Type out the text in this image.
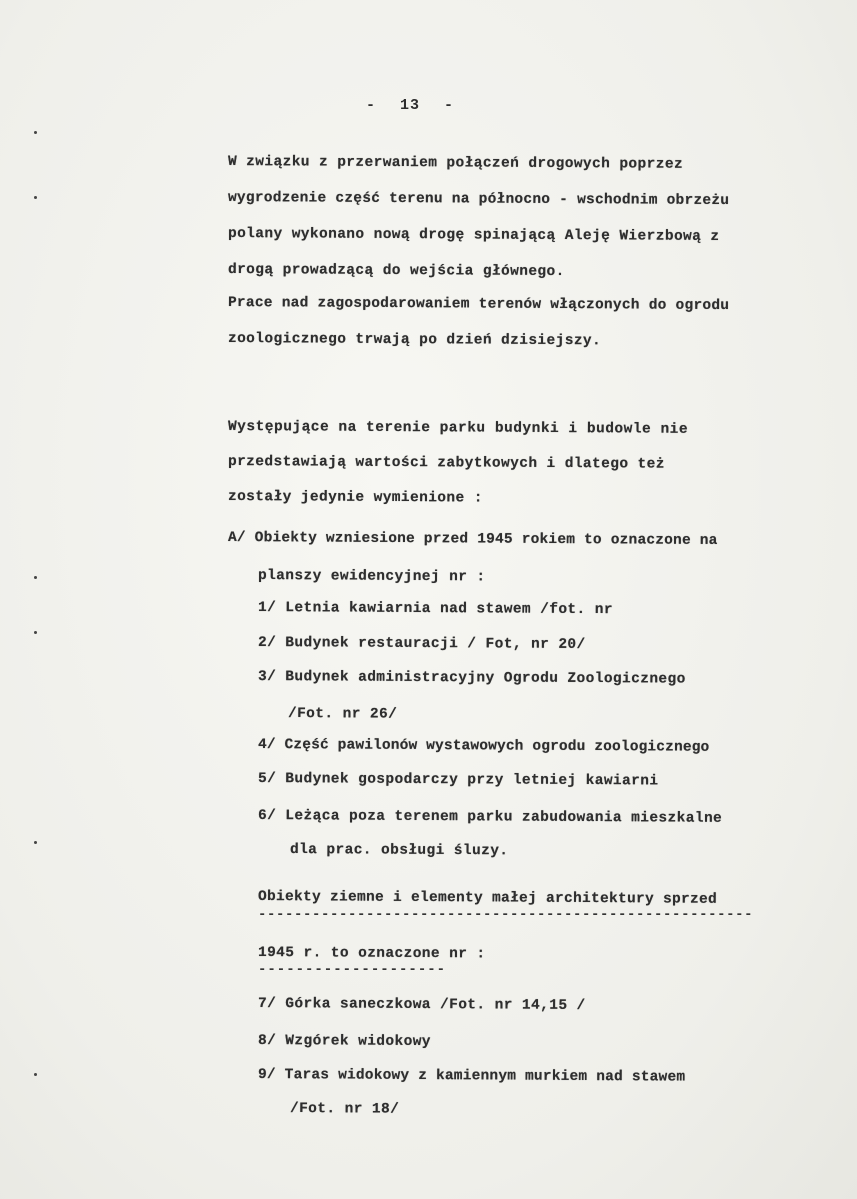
- 13 -
W związku z przerwaniem połączeń drogowych poprzez
wygrodzenie część terenu na północno - wschodnim obrzeżu
polany wykonano nową drogę spinającą Aleję Wierzbową z
drogą prowadzącą do wejścia głównego.
Prace nad zagospodarowaniem terenów włączonych do ogrodu
zoologicznego trwają po dzień dzisiejszy.
Występujące na terenie parku budynki i budowle nie
przedstawiają wartości zabytkowych i dlatego też
zostały jedynie wymienione :
A/ Obiekty wzniesione przed 1945 rokiem to oznaczone na
planszy ewidencyjnej nr :
1/ Letnia kawiarnia nad stawem /fot. nr
2/ Budynek restauracji / Fot, nr 20/
3/ Budynek administracyjny Ogrodu Zoologicznego
/Fot. nr 26/
4/ Część pawilonów wystawowych ogrodu zoologicznego
5/ Budynek gospodarczy przy letniej kawiarni
6/ Leżąca poza terenem parku zabudowania mieszkalne
dla prac. obsługi śluzy.
Obiekty ziemne i elementy małej architektury sprzed
-------------------------------------------------------
1945 r. to oznaczone nr :
--------------------
7/ Górka saneczkowa /Fot. nr 14,15 /
8/ Wzgórek widokowy
9/ Taras widokowy z kamiennym murkiem nad stawem
/Fot. nr 18/
